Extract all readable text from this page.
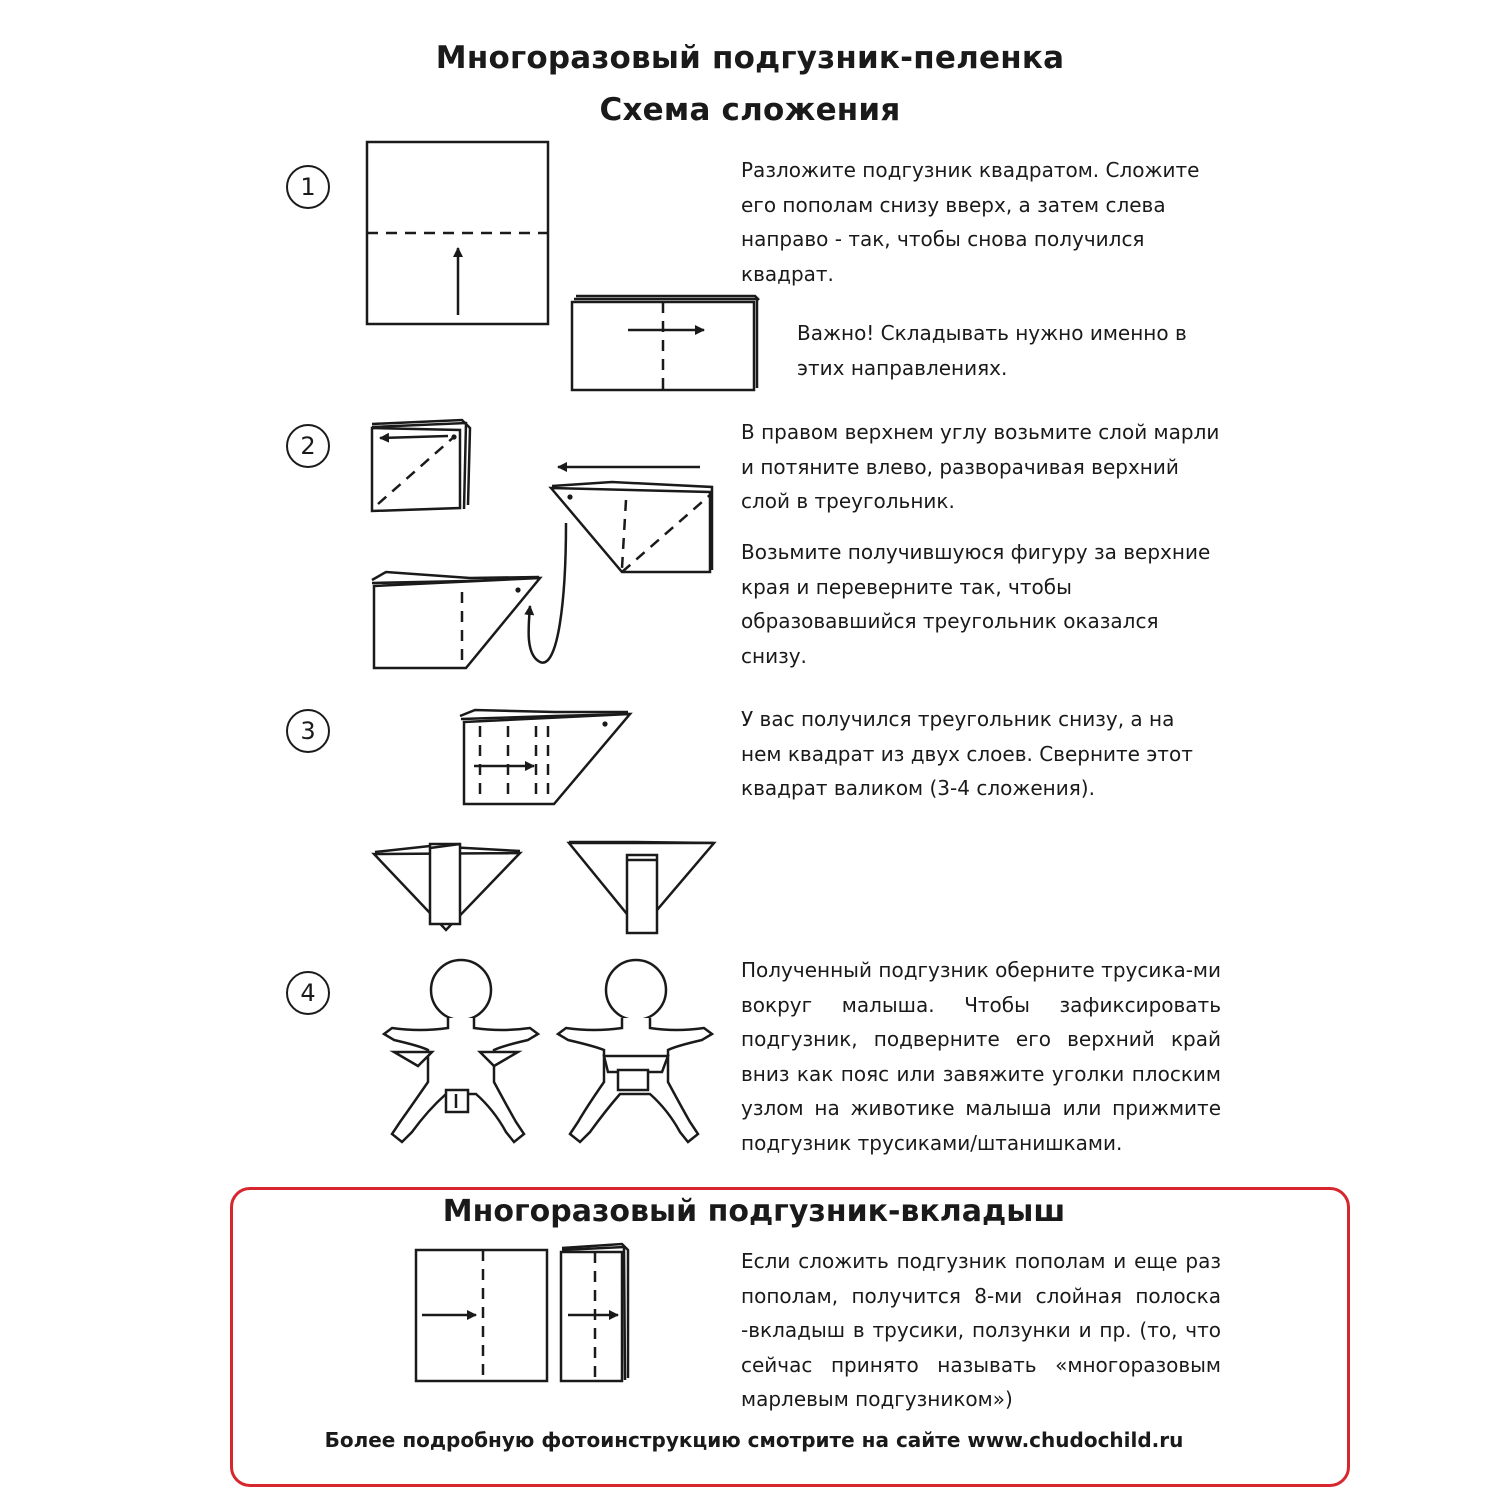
Многоразовый подгузник-пеленка
Схема сложения
1
Разложите подгузник квадратом. Сложите его пополам снизу вверх, а затем слева направо - так, чтобы снова получился квадрат.
Важно! Складывать нужно именно в этих направлениях.
2	В правом верхнем углу возьмите слой марли и потяните влево, разворачивая верхний слой в треугольник.
Возьмите получившуюся фигуру за верхние края и переверните так, чтобы образовавшийся треугольник оказался снизу.
3	У вас получился треугольник снизу, а на нем квадрат из двух слоев. Сверните этот квадрат валиком (3-4 сложения).
4
Полученный подгузник оберните трусика-ми вокруг малыша. Чтобы зафиксировать подгузник, подверните его верхний край вниз как пояс или завяжите уголки плоским узлом на животике малыша или прижмите подгузник трусиками/штанишками.
Многоразовый подгузник-вкладыш
Если сложить подгузник пополам и еще раз пополам, получится 8-ми слойная полоска -вкладыш в трусики, ползунки и пр. (то, что сейчас принято называть «многоразовым марлевым подгузником»)
Более подробную фотоинструкцию смотрите на сайте www.chudochild.ru
